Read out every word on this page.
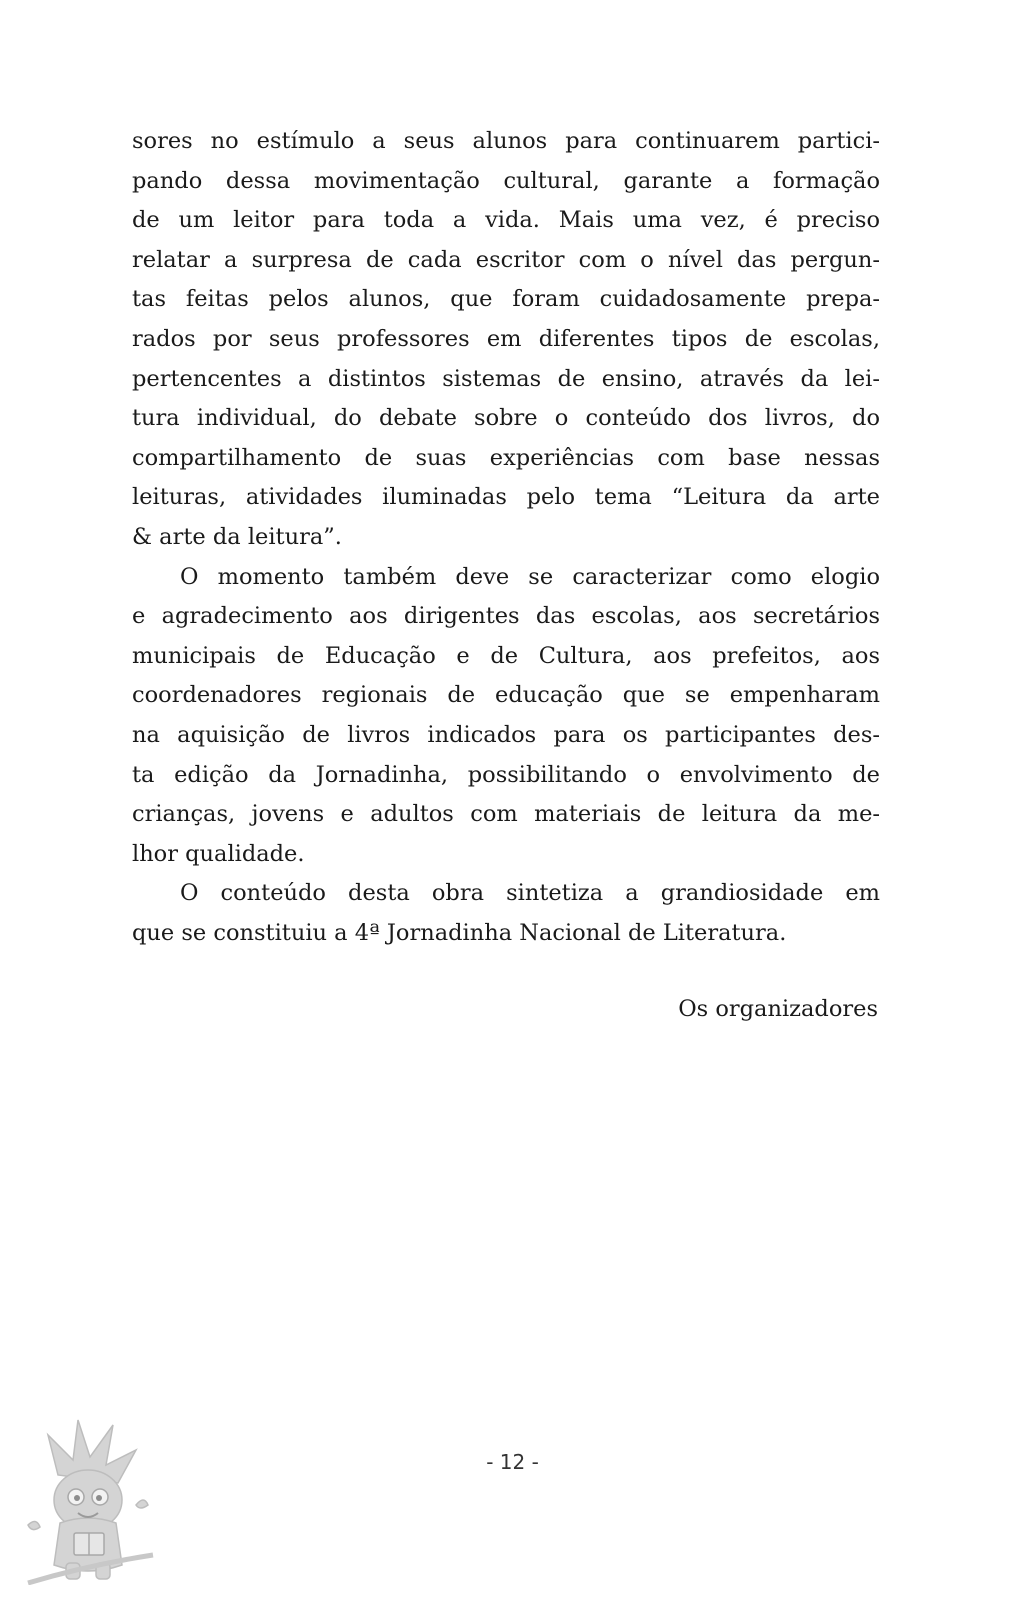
sores no estímulo a seus alunos para continuarem partici-
pando dessa movimentação cultural, garante a formação
de um leitor para toda a vida. Mais uma vez, é preciso
relatar a surpresa de cada escritor com o nível das pergun-
tas feitas pelos alunos, que foram cuidadosamente prepa-
rados por seus professores em diferentes tipos de escolas,
pertencentes a distintos sistemas de ensino, através da lei-
tura individual, do debate sobre o conteúdo dos livros, do
compartilhamento de suas experiências com base nessas
leituras, atividades iluminadas pelo tema “Leitura da arte
& arte da leitura”.

O momento também deve se caracterizar como elogio
e agradecimento aos dirigentes das escolas, aos secretários
municipais de Educação e de Cultura, aos prefeitos, aos
coordenadores regionais de educação que se empenharam
na aquisição de livros indicados para os participantes des-
ta edição da Jornadinha, possibilitando o envolvimento de
crianças, jovens e adultos com materiais de leitura da me-
lhor qualidade.

O conteúdo desta obra sintetiza a grandiosidade em
que se constituiu a 4ª Jornadinha Nacional de Literatura.

Os organizadores
- 12 -
